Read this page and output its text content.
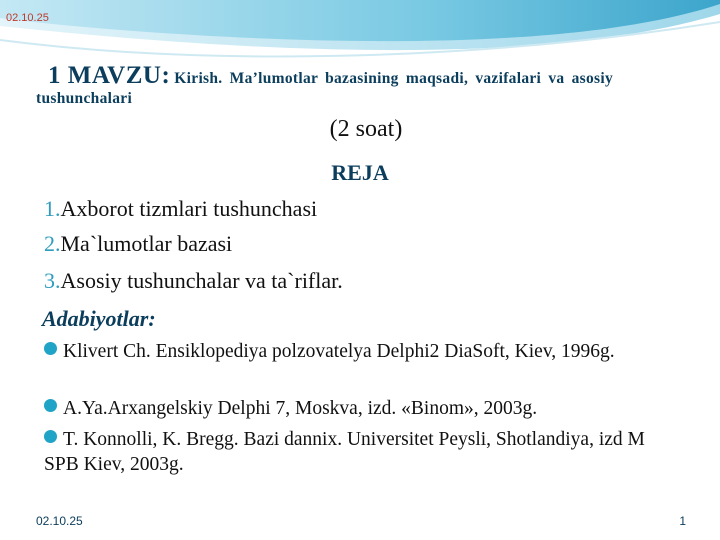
02.10.25
1 MAVZU: Kirish. Ma’lumotlar bazasining maqsadi, vazifalari va asosiy tushunchalari
(2 soat)
REJA
1.Axborot tizmlari tushunchasi
2.Ma`lumotlar bazasi
3.Asosiy tushunchalar va ta`riflar.
Adabiyotlar:
Klivert Ch. Ensiklopediya polzovatelya Delphi2 DiaSoft, Kiev, 1996g.
A.Ya.Arxangelskiy Delphi 7, Moskva, izd. «Binom», 2003g.
T. Konnolli, K. Bregg. Bazi dannix. Universitet Peysli, Shotlandiya, izd M SPB Kiev, 2003g.
02.10.25	1
